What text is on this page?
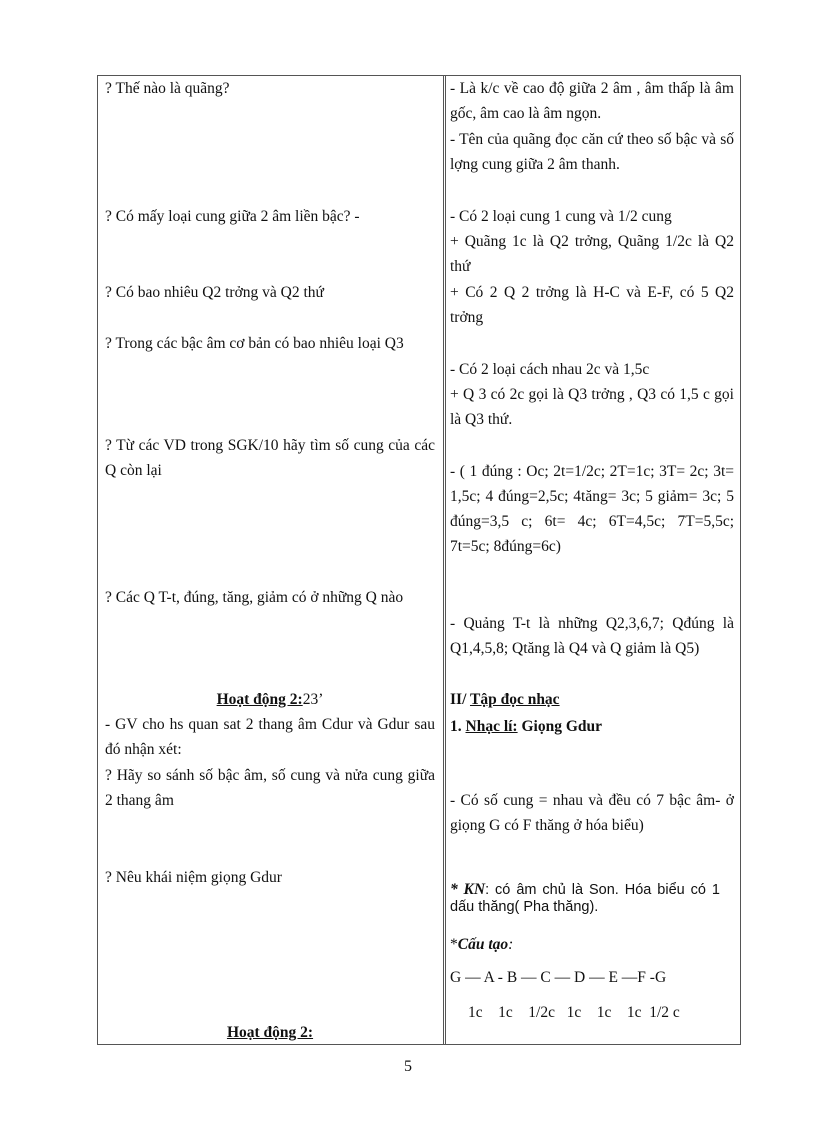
? Thế nào là quãng?
? Có mấy loại cung giữa 2 âm liền bậc? -
? Có bao nhiêu Q2 trởng và Q2 thứ
? Trong các bậc âm cơ bản có bao nhiêu loại Q3
? Từ các VD trong SGK/10 hãy tìm số cung của các Q còn lại
? Các Q T-t, đúng, tăng, giảm có ở những Q nào
Hoạt động 2:23’
- GV cho hs quan sat 2 thang âm Cdur và Gdur sau đó nhận xét:
? Hãy so sánh số bậc âm, số cung và nửa cung giữa 2 thang âm
? Nêu khái niệm giọng Gdur
Hoạt động 2:
- Là k/c về cao độ giữa 2 âm , âm thấp là âm gốc, âm cao là âm ngọn.
- Tên của quãng đọc căn cứ theo số bậc và số lợng cung giữa 2 âm thanh.
- Có 2 loại cung 1 cung và 1/2 cung
+ Quãng 1c là Q2 trởng, Quãng 1/2c là Q2 thứ
+ Có 2 Q 2 trởng là H-C và E-F, có 5 Q2 trởng
- Có 2 loại cách nhau 2c và 1,5c
+ Q 3 có 2c gọi là Q3 trởng , Q3 có 1,5 c gọi là Q3 thứ.
- ( 1 đúng : Oc; 2t=1/2c; 2T=1c; 3T= 2c; 3t= 1,5c; 4 đúng=2,5c; 4tăng= 3c; 5 giảm= 3c; 5 đúng=3,5 c; 6t= 4c; 6T=4,5c; 7T=5,5c; 7t=5c; 8đúng=6c)
- Quảng T-t là những Q2,3,6,7; Qđúng là Q1,4,5,8; Qtăng là Q4 và Q giảm là Q5)
II/ Tập đọc nhạc
1. Nhạc lí: Giọng Gdur
- Có số cung = nhau và đều có 7 bậc âm- ở giọng G có F thăng ở hóa biểu)
* KN: có âm chủ là Son. Hóa biểu có 1 dấu thăng( Pha thăng).
*Cấu tạo:
G — A - B — C — D — E —F -G
1c    1c    1/2c   1c    1c    1c  1/2 c
5
